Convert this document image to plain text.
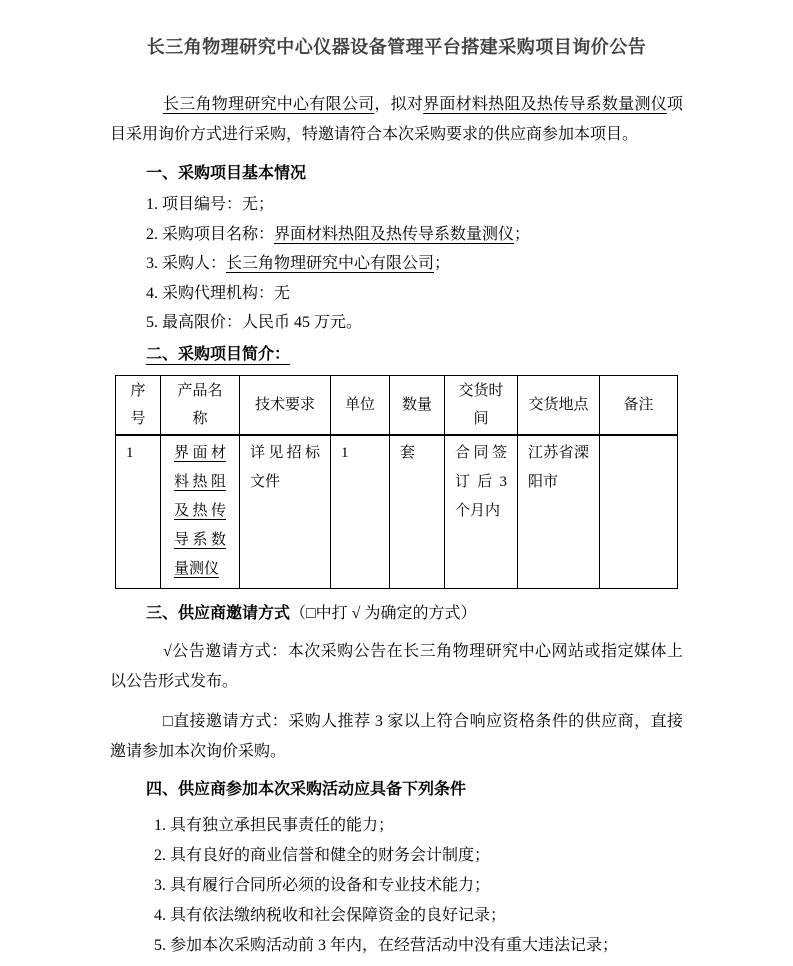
长三角物理研究中心仪器设备管理平台搭建采购项目询价公告

长三角物理研究中心有限公司，拟对界面材料热阻及热传导系数量测仪项目采用询价方式进行采购，特邀请符合本次采购要求的供应商参加本项目。

一、采购项目基本情况
1. 项目编号：无；
2. 采购项目名称：界面材料热阻及热传导系数量测仪；
3. 采购人：长三角物理研究中心有限公司；
4. 采购代理机构：无
5. 最高限价：人民币 45 万元。
二、采购项目简介：
序号	产品名称	技术要求	单位	数量	交货时间	交货地点	备注
1	界面材料热阻及热传导系数量测仪	详见招标文件	1	套	合同签订后3个月内	江苏省溧阳市	
三、供应商邀请方式（□中打 √ 为确定的方式）

√公告邀请方式：本次采购公告在长三角物理研究中心网站或指定媒体上以公告形式发布。

□直接邀请方式：采购人推荐 3 家以上符合响应资格条件的供应商，直接邀请参加本次询价采购。

四、供应商参加本次采购活动应具备下列条件
1. 具有独立承担民事责任的能力；
2. 具有良好的商业信誉和健全的财务会计制度；
3. 具有履行合同所必须的设备和专业技术能力；
4. 具有依法缴纳税收和社会保障资金的良好记录；
5. 参加本次采购活动前 3 年内，在经营活动中没有重大违法记录；
